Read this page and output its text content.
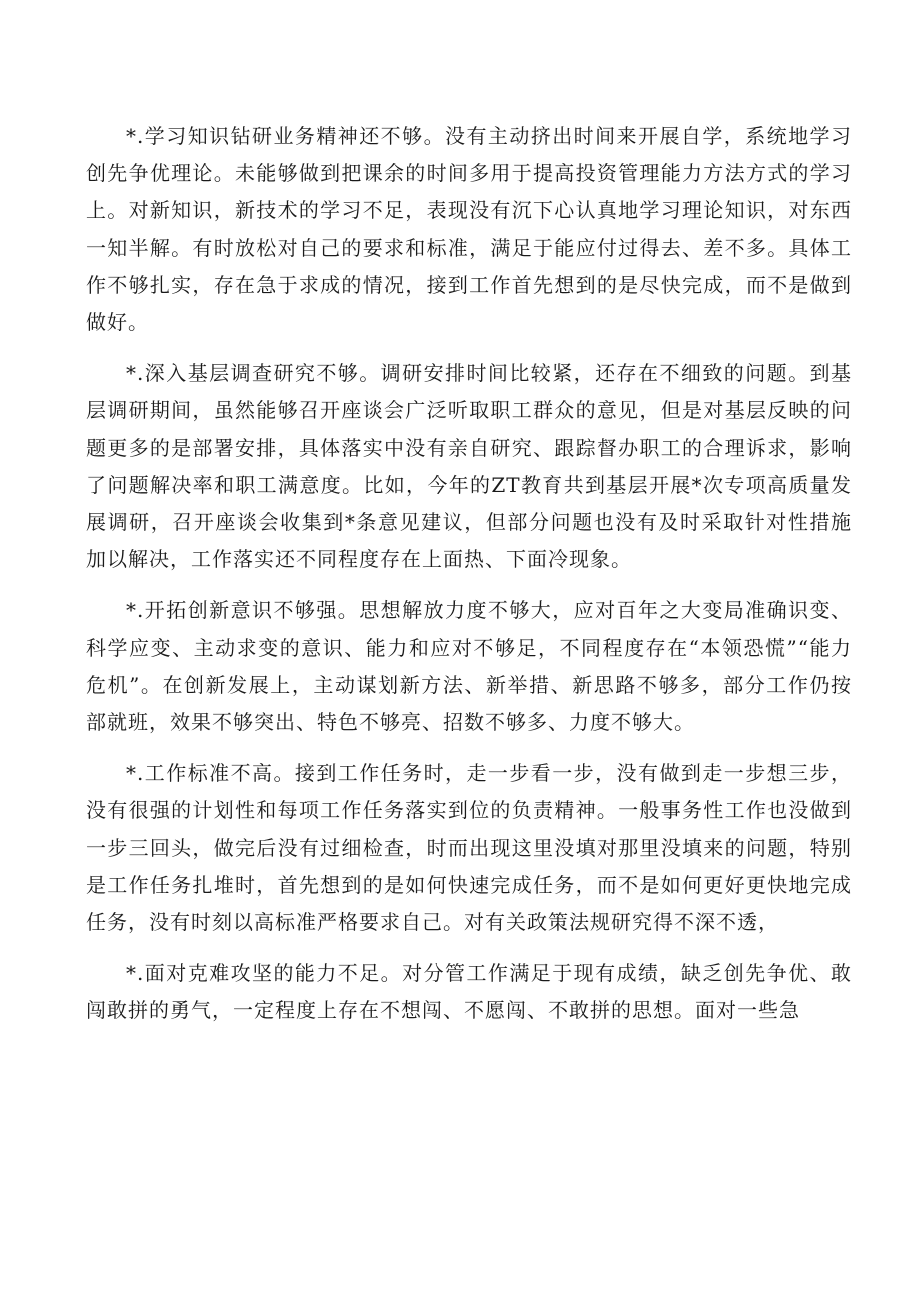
*.学习知识钻研业务精神还不够。没有主动挤出时间来开展自学，系统地学习创先争优理论。未能够做到把课余的时间多用于提高投资管理能力方法方式的学习上。对新知识，新技术的学习不足，表现没有沉下心认真地学习理论知识，对东西一知半解。有时放松对自己的要求和标准，满足于能应付过得去、差不多。具体工作不够扎实，存在急于求成的情况，接到工作首先想到的是尽快完成，而不是做到做好。

*.深入基层调查研究不够。调研安排时间比较紧，还存在不细致的问题。到基层调研期间，虽然能够召开座谈会广泛听取职工群众的意见，但是对基层反映的问题更多的是部署安排，具体落实中没有亲自研究、跟踪督办职工的合理诉求，影响了问题解决率和职工满意度。比如，今年的ZT教育共到基层开展*次专项高质量发展调研，召开座谈会收集到*条意见建议，但部分问题也没有及时采取针对性措施加以解决，工作落实还不同程度存在上面热、下面冷现象。

*.开拓创新意识不够强。思想解放力度不够大，应对百年之大变局准确识变、科学应变、主动求变的意识、能力和应对不够足，不同程度存在“本领恐慌”“能力危机”。在创新发展上，主动谋划新方法、新举措、新思路不够多，部分工作仍按部就班，效果不够突出、特色不够亮、招数不够多、力度不够大。

*.工作标准不高。接到工作任务时，走一步看一步，没有做到走一步想三步，没有很强的计划性和每项工作任务落实到位的负责精神。一般事务性工作也没做到一步三回头，做完后没有过细检查，时而出现这里没填对那里没填来的问题，特别是工作任务扎堆时，首先想到的是如何快速完成任务，而不是如何更好更快地完成任务，没有时刻以高标准严格要求自己。对有关政策法规研究得不深不透，

*.面对克难攻坚的能力不足。对分管工作满足于现有成绩，缺乏创先争优、敢闯敢拼的勇气，一定程度上存在不想闯、不愿闯、不敢拼的思想。面对一些急
